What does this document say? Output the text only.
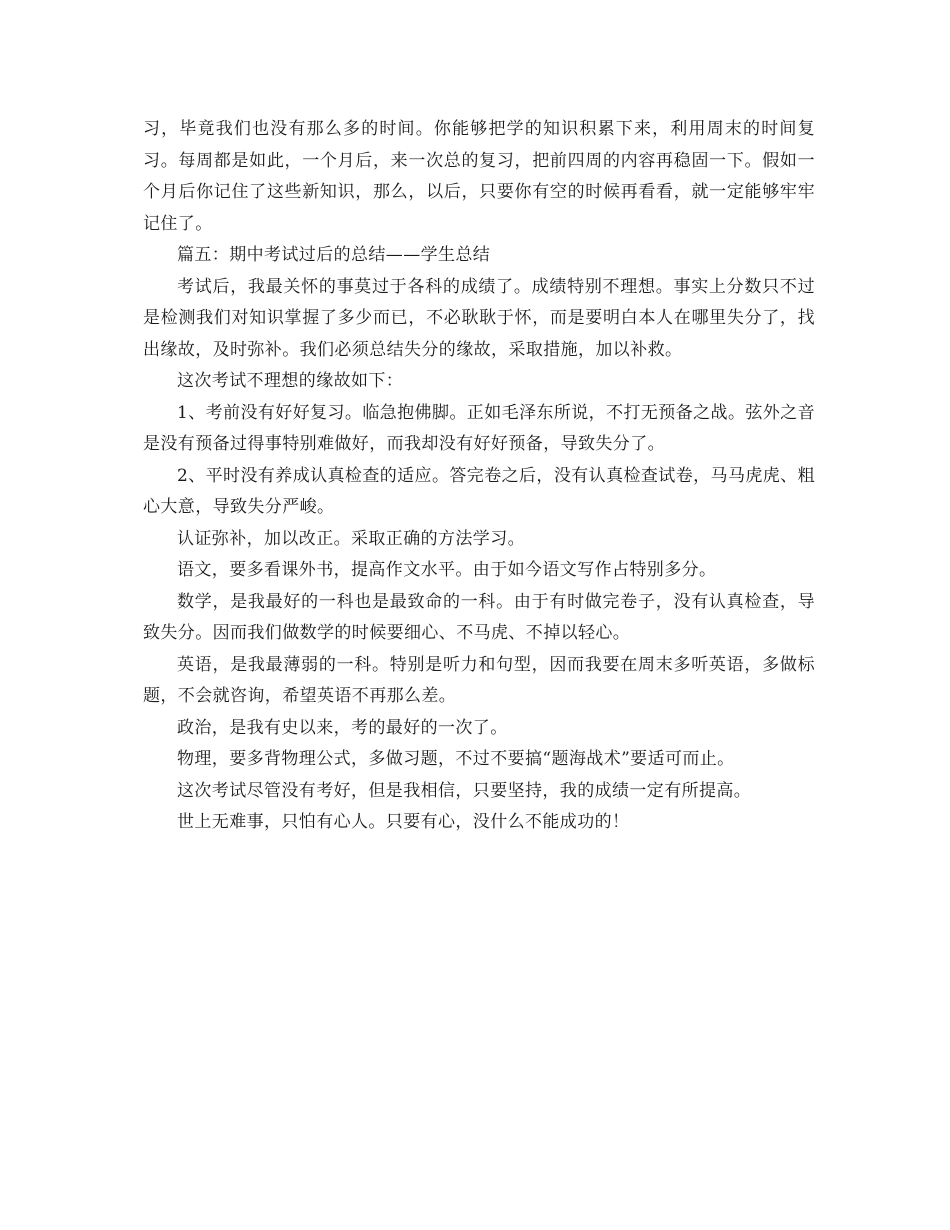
习，毕竟我们也没有那么多的时间。你能够把学的知识积累下来，利用周末的时间复习。每周都是如此，一个月后，来一次总的复习，把前四周的内容再稳固一下。假如一个月后你记住了这些新知识，那么，以后，只要你有空的时候再看看，就一定能够牢牢记住了。

篇五：期中考试过后的总结——学生总结

考试后，我最关怀的事莫过于各科的成绩了。成绩特别不理想。事实上分数只不过是检测我们对知识掌握了多少而已，不必耿耿于怀，而是要明白本人在哪里失分了，找出缘故，及时弥补。我们必须总结失分的缘故，采取措施，加以补救。

这次考试不理想的缘故如下：

1、考前没有好好复习。临急抱佛脚。正如毛泽东所说，不打无预备之战。弦外之音是没有预备过得事特别难做好，而我却没有好好预备，导致失分了。

2、平时没有养成认真检查的适应。答完卷之后，没有认真检查试卷，马马虎虎、粗心大意，导致失分严峻。

认证弥补，加以改正。采取正确的方法学习。

语文，要多看课外书，提高作文水平。由于如今语文写作占特别多分。

数学，是我最好的一科也是最致命的一科。由于有时做完卷子，没有认真检查，导致失分。因而我们做数学的时候要细心、不马虎、不掉以轻心。

英语，是我最薄弱的一科。特别是听力和句型，因而我要在周末多听英语，多做标题，不会就咨询，希望英语不再那么差。

政治，是我有史以来，考的最好的一次了。

物理，要多背物理公式，多做习题，不过不要搞“题海战术”要适可而止。

这次考试尽管没有考好，但是我相信，只要坚持，我的成绩一定有所提高。

世上无难事，只怕有心人。只要有心，没什么不能成功的！
